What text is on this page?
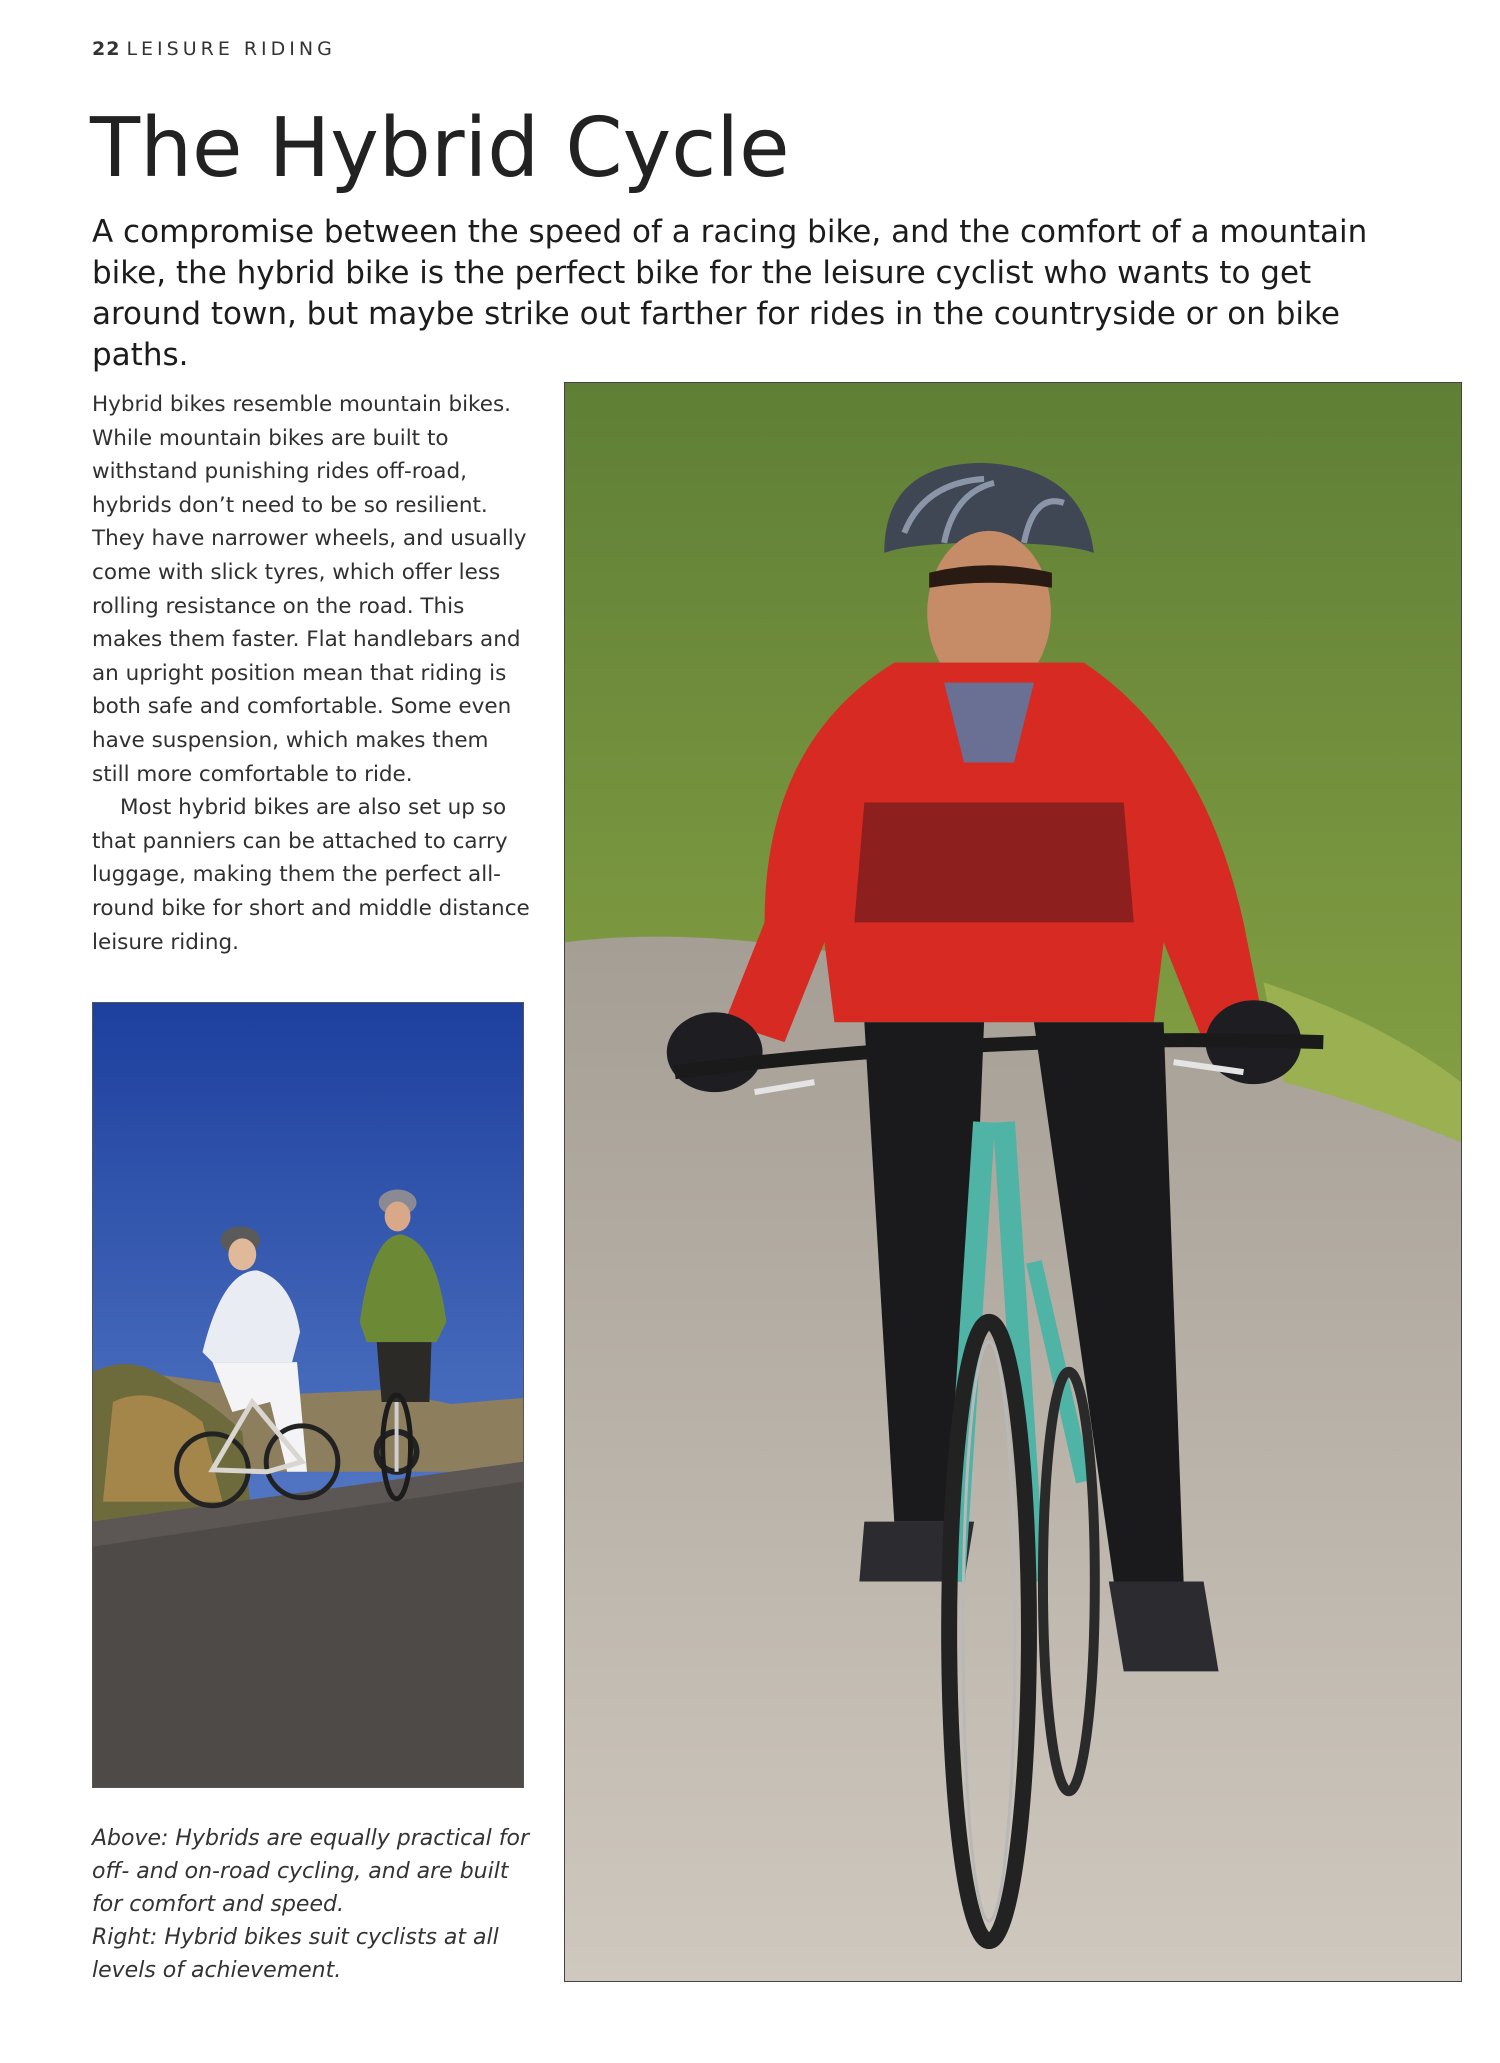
22 LEISURE RIDING
The Hybrid Cycle

A compromise between the speed of a racing bike, and the comfort of a mountain bike, the hybrid bike is the perfect bike for the leisure cyclist who wants to get around town, but maybe strike out farther for rides in the countryside or on bike paths.

Hybrid bikes resemble mountain bikes. While mountain bikes are built to withstand punishing rides off-road, hybrids don’t need to be so resilient. They have narrower wheels, and usually come with slick tyres, which offer less rolling resistance on the road. This makes them faster. Flat handlebars and an upright position mean that riding is both safe and comfortable. Some even have suspension, which makes them still more comfortable to ride.

Most hybrid bikes are also set up so that panniers can be attached to carry luggage, making them the perfect all-round bike for short and middle distance leisure riding.

Above: Hybrids are equally practical for off- and on-road cycling, and are built for comfort and speed.

Right: Hybrid bikes suit cyclists at all levels of achievement.
